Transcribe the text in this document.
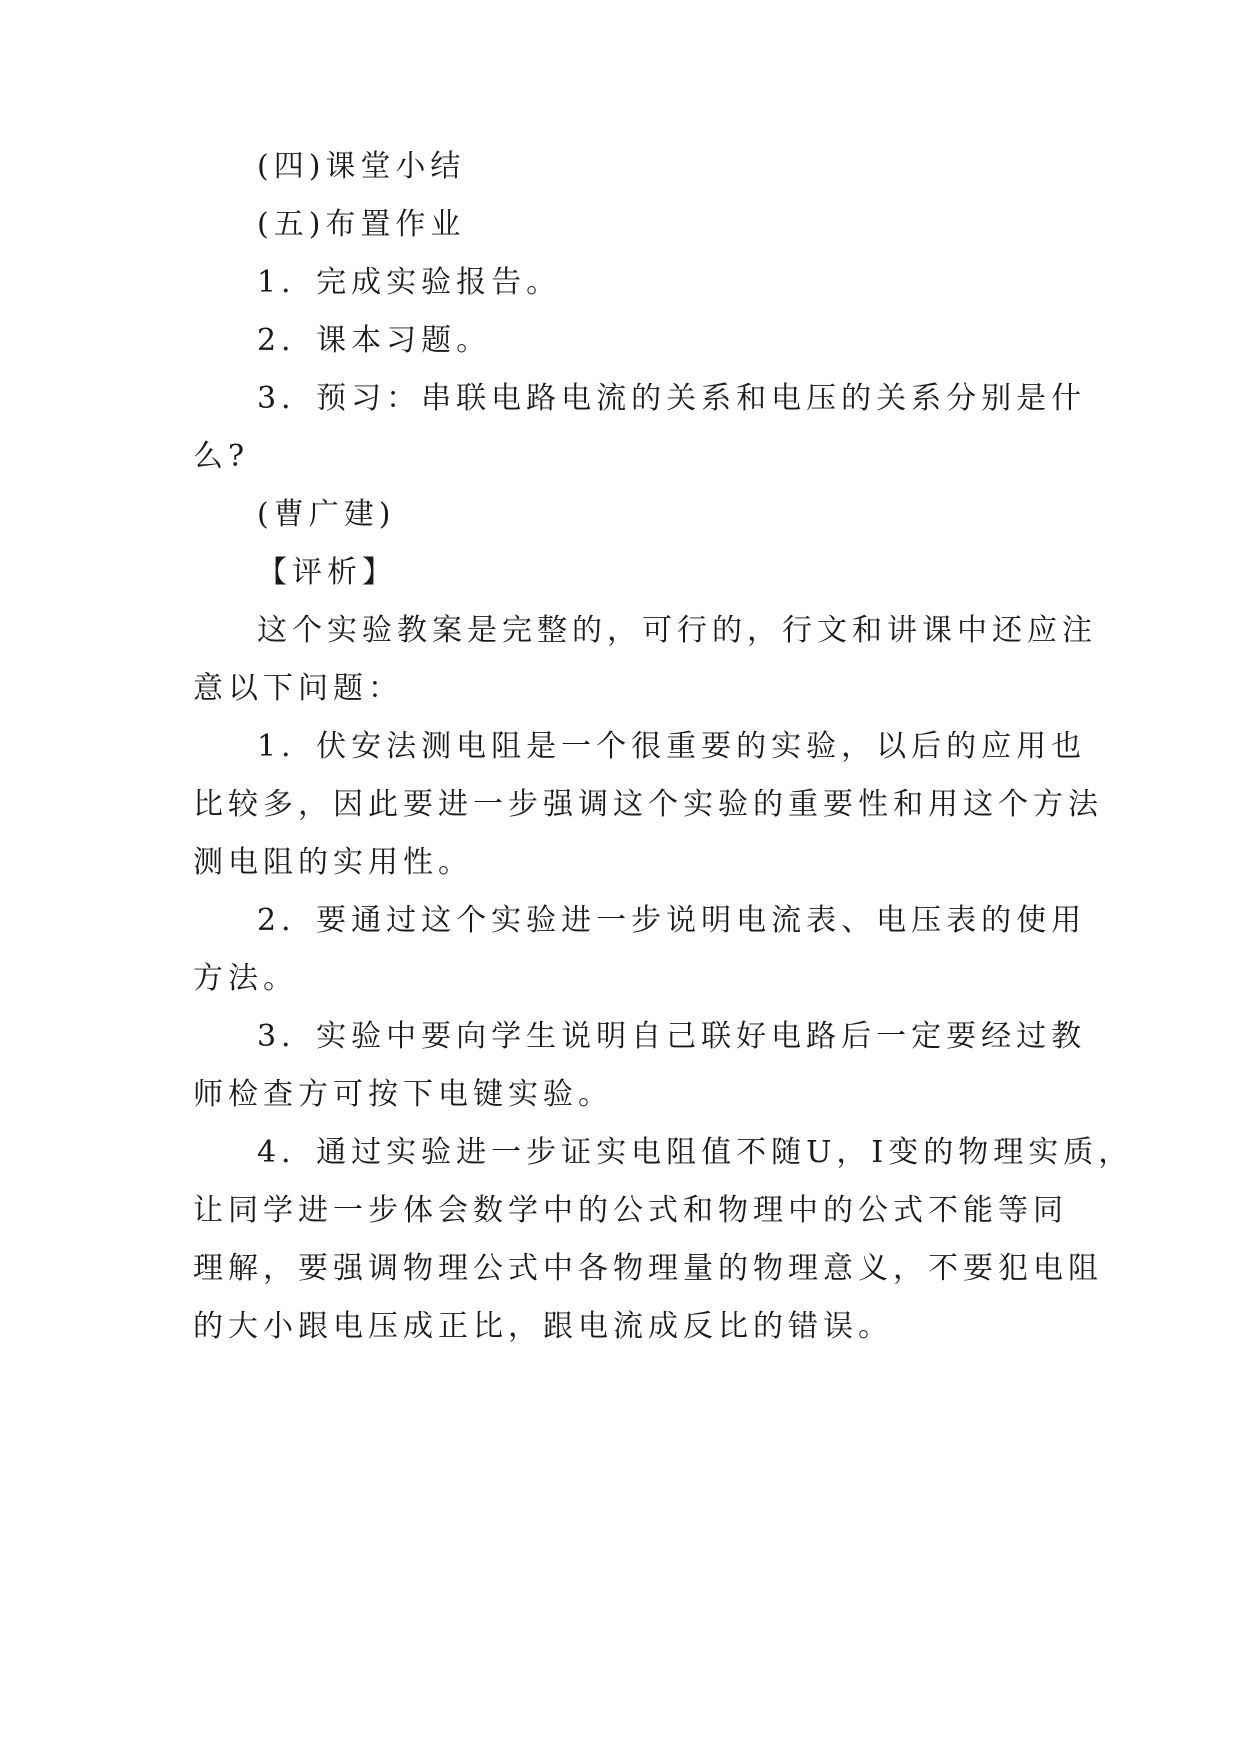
(四)课堂小结
(五)布置作业
1．完成实验报告。
2．课本习题。
3．预习：串联电路电流的关系和电压的关系分别是什
么?
(曹广建)
【评析】
这个实验教案是完整的，可行的，行文和讲课中还应注
意以下问题：
1．伏安法测电阻是一个很重要的实验，以后的应用也
比较多，因此要进一步强调这个实验的重要性和用这个方法
测电阻的实用性。
2．要通过这个实验进一步说明电流表、电压表的使用
方法。
3．实验中要向学生说明自己联好电路后一定要经过教
师检查方可按下电键实验。
4．通过实验进一步证实电阻值不随U，I变的物理实质，
让同学进一步体会数学中的公式和物理中的公式不能等同
理解，要强调物理公式中各物理量的物理意义，不要犯电阻
的大小跟电压成正比，跟电流成反比的错误。
